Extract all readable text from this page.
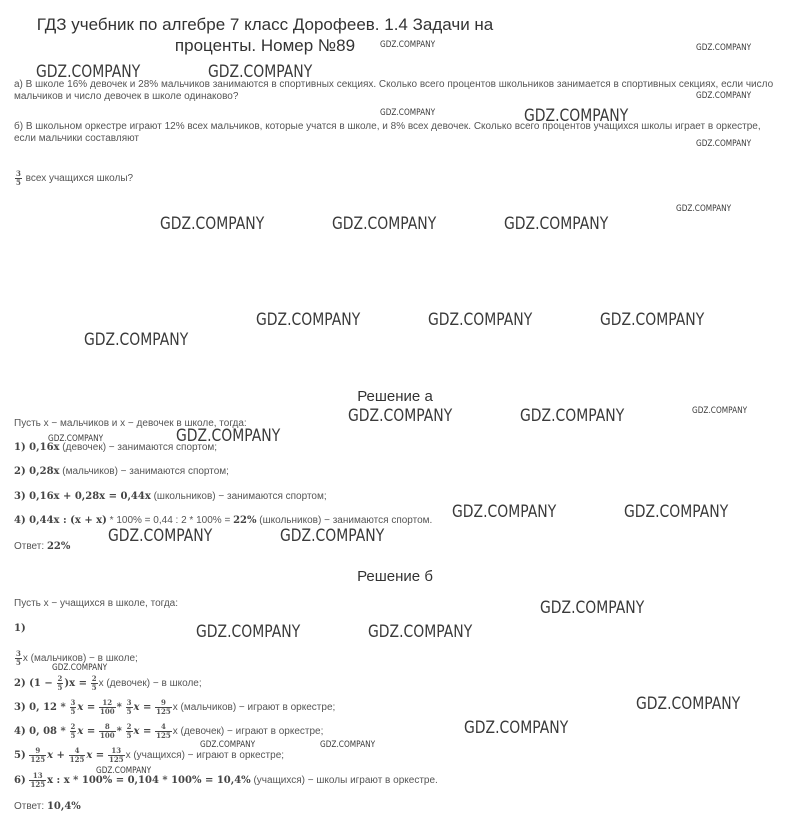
ГДЗ учебник по алгебре 7 класс Дорофеев. 1.4 Задачи на
проценты. Номер №89
а) В школе 16% девочек и 28% мальчиков занимаются в спортивных секциях. Сколько всего процентов школьников занимается в спортивных секциях, если число мальчиков и число девочек в школе одинаково?
б) В школьном оркестре играют 12% всех мальчиков, которые учатся в школе, и 8% всех девочек. Сколько всего процентов учащихся школы играет в оркестре, если мальчики составляют
$\frac{3}{5}$ всех учащихся школы?
Решение а
Пусть x − мальчиков и x − девочек в школе, тогда:
1) 0,16x (девочек) − занимаются спортом;
2) 0,28x (мальчиков) − занимаются спортом;
3) 0,16x + 0,28x = 0,44x (школьников) − занимаются спортом;
4) 0,44x : (x + x) * 100% = 0,44 : 2 * 100% = 22% (школьников) − занимаются спортом.
Ответ: 22%
Решение б
Пусть x − учащихся в школе, тогда:
1)
$\frac{3}{5}$ x (мальчиков) − в школе;
2) $(1 - \frac{2}{5} )x = \frac{2}{5}$ x (девочек) − в школе;
3) 0, $12 * \frac{3}{5}$ $x = \frac{12}{100} * \frac{3}{5}$ $x = \frac{9}{125}$ x (мальчиков) − играют в оркестре;
4) 0, $08 * \frac{2}{5}$ $x = \frac{8}{100} * \frac{2}{5}$ $x = \frac{4}{125}$ x (девочек) − играют в оркестре;
$5) \frac{9}{125}$ $x + \frac{4}{125}$ $x = \frac{13}{125}$ x (учащихся) − играют в оркестре;
$6) \frac{13}{125}$ x : x * 100% = 0,104 * 100% = 10,4% (учащихся) − школы играют в оркестре.
Ответ: 10,4%
GDZ.COMPANY	GDZ.COMPANY
GDZ.COMPANY	GDZ.COMPANY
GDZ.COMPANY
GDZ.COMPANY	GDZ.COMPANY
GDZ.COMPANY
GDZ.COMPANY
GDZ.COMPANY	GDZ.COMPANY	GDZ.COMPANY
GDZ.COMPANY	GDZ.COMPANY	GDZ.COMPANY
GDZ.COMPANY
GDZ.COMPANY	GDZ.COMPANY	GDZ.COMPANY
GDZ.COMPANY
GDZ.COMPANY
GDZ.COMPANY	GDZ.COMPANY
GDZ.COMPANY	GDZ.COMPANY
GDZ.COMPANY
GDZ.COMPANY	GDZ.COMPANY
GDZ.COMPANY
GDZ.COMPANY
GDZ.COMPANY
GDZ.COMPANY	GDZ.COMPANY
GDZ.COMPANY
